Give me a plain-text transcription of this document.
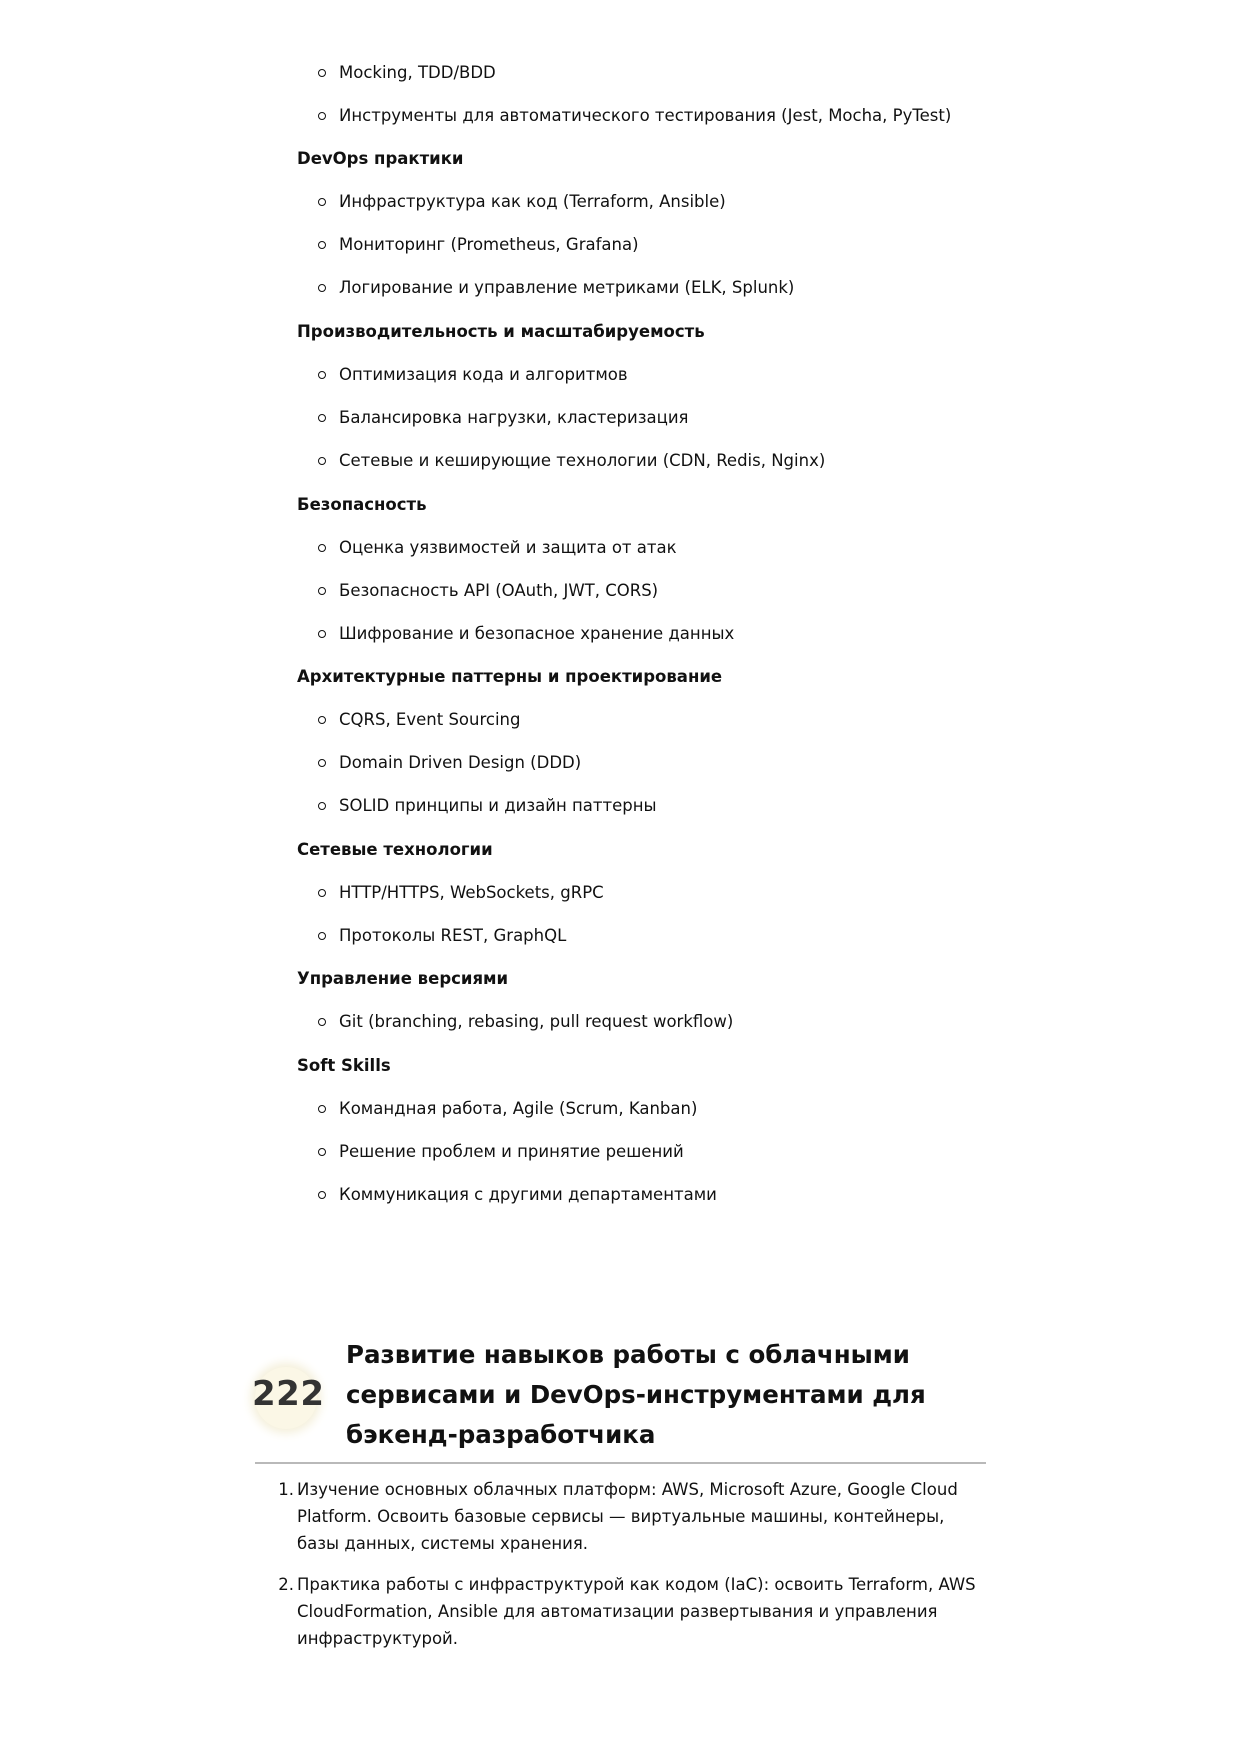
Mocking, TDD/BDD
Инструменты для автоматического тестирования (Jest, Mocha, PyTest)
DevOps практики
Инфраструктура как код (Terraform, Ansible)
Мониторинг (Prometheus, Grafana)
Логирование и управление метриками (ELK, Splunk)
Производительность и масштабируемость
Оптимизация кода и алгоритмов
Балансировка нагрузки, кластеризация
Сетевые и кеширующие технологии (CDN, Redis, Nginx)
Безопасность
Оценка уязвимостей и защита от атак
Безопасность API (OAuth, JWT, CORS)
Шифрование и безопасное хранение данных
Архитектурные паттерны и проектирование
CQRS, Event Sourcing
Domain Driven Design (DDD)
SOLID принципы и дизайн паттерны
Сетевые технологии
HTTP/HTTPS, WebSockets, gRPC
Протоколы REST, GraphQL
Управление версиями
Git (branching, rebasing, pull request workflow)
Soft Skills
Командная работа, Agile (Scrum, Kanban)
Решение проблем и принятие решений
Коммуникация с другими департаментами
222
Развитие навыков работы с облачными сервисами и DevOps-инструментами для бэкенд-разработчика
1. Изучение основных облачных платформ: AWS, Microsoft Azure, Google Cloud Platform. Освоить базовые сервисы — виртуальные машины, контейнеры, базы данных, системы хранения.
2. Практика работы с инфраструктурой как кодом (IaC): освоить Terraform, AWS CloudFormation, Ansible для автоматизации развертывания и управления инфраструктурой.
